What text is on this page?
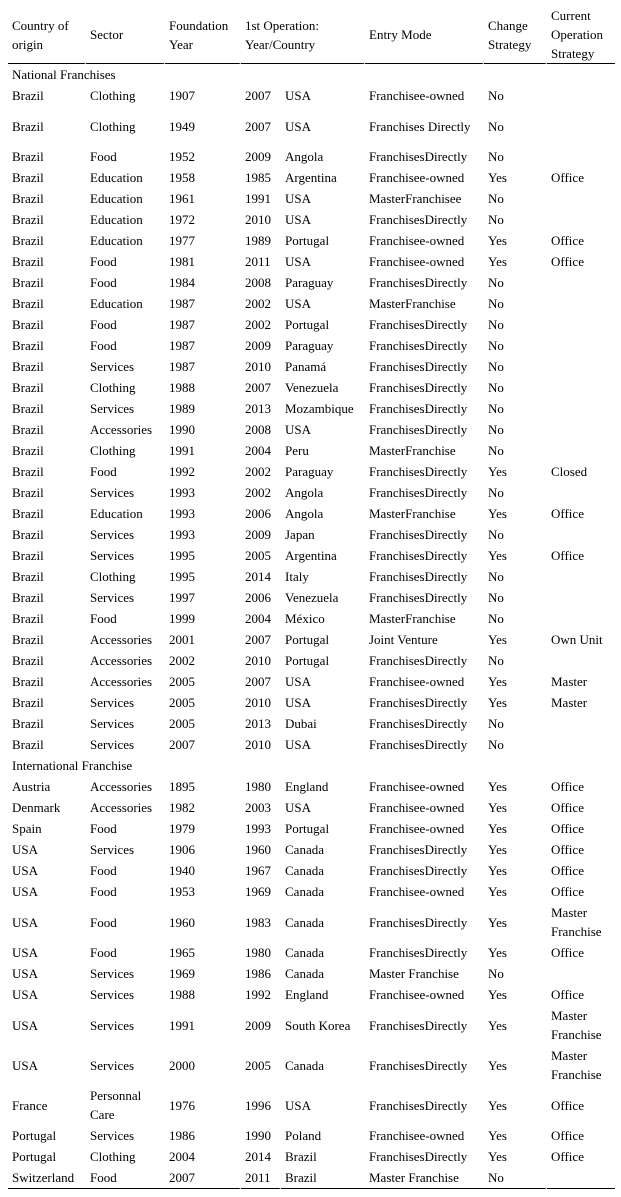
Country of origin	Sector	Foundation Year	1st Operation: Year/Country		Entry Mode	Change Strategy	Current Operation Strategy
National Franchises							
Brazil	Clothing	1907	2007	USA	Franchisee-owned	No	
Brazil	Clothing	1949	2007	USA	Franchises Directly	No	
Brazil	Food	1952	2009	Angola	FranchisesDirectly	No	
Brazil	Education	1958	1985	Argentina	Franchisee-owned	Yes	Office
Brazil	Education	1961	1991	USA	MasterFranchisee	No	
Brazil	Education	1972	2010	USA	FranchisesDirectly	No	
Brazil	Education	1977	1989	Portugal	Franchisee-owned	Yes	Office
Brazil	Food	1981	2011	USA	Franchisee-owned	Yes	Office
Brazil	Food	1984	2008	Paraguay	FranchisesDirectly	No	
Brazil	Education	1987	2002	USA	MasterFranchise	No	
Brazil	Food	1987	2002	Portugal	FranchisesDirectly	No	
Brazil	Food	1987	2009	Paraguay	FranchisesDirectly	No	
Brazil	Services	1987	2010	Panamá	FranchisesDirectly	No	
Brazil	Clothing	1988	2007	Venezuela	FranchisesDirectly	No	
Brazil	Services	1989	2013	Mozambique	FranchisesDirectly	No	
Brazil	Accessories	1990	2008	USA	FranchisesDirectly	No	
Brazil	Clothing	1991	2004	Peru	MasterFranchise	No	
Brazil	Food	1992	2002	Paraguay	FranchisesDirectly	Yes	Closed
Brazil	Services	1993	2002	Angola	FranchisesDirectly	No	
Brazil	Education	1993	2006	Angola	MasterFranchise	Yes	Office
Brazil	Services	1993	2009	Japan	FranchisesDirectly	No	
Brazil	Services	1995	2005	Argentina	FranchisesDirectly	Yes	Office
Brazil	Clothing	1995	2014	Italy	FranchisesDirectly	No	
Brazil	Services	1997	2006	Venezuela	FranchisesDirectly	No	
Brazil	Food	1999	2004	México	MasterFranchise	No	
Brazil	Accessories	2001	2007	Portugal	Joint Venture	Yes	Own Unit
Brazil	Accessories	2002	2010	Portugal	FranchisesDirectly	No	
Brazil	Accessories	2005	2007	USA	Franchisee-owned	Yes	Master
Brazil	Services	2005	2010	USA	FranchisesDirectly	Yes	Master
Brazil	Services	2005	2013	Dubai	FranchisesDirectly	No	
Brazil	Services	2007	2010	USA	FranchisesDirectly	No	
International Franchise							
Austria	Accessories	1895	1980	England	Franchisee-owned	Yes	Office
Denmark	Accessories	1982	2003	USA	Franchisee-owned	Yes	Office
Spain	Food	1979	1993	Portugal	Franchisee-owned	Yes	Office
USA	Services	1906	1960	Canada	FranchisesDirectly	Yes	Office
USA	Food	1940	1967	Canada	FranchisesDirectly	Yes	Office
USA	Food	1953	1969	Canada	Franchisee-owned	Yes	Office
USA	Food	1960	1983	Canada	FranchisesDirectly	Yes	Master Franchise
USA	Food	1965	1980	Canada	FranchisesDirectly	Yes	Office
USA	Services	1969	1986	Canada	Master Franchise	No	
USA	Services	1988	1992	England	Franchisee-owned	Yes	Office
USA	Services	1991	2009	South Korea	FranchisesDirectly	Yes	Master Franchise
USA	Services	2000	2005	Canada	FranchisesDirectly	Yes	Master Franchise
France	Personnal Care	1976	1996	USA	FranchisesDirectly	Yes	Office
Portugal	Services	1986	1990	Poland	Franchisee-owned	Yes	Office
Portugal	Clothing	2004	2014	Brazil	FranchisesDirectly	Yes	Office
Switzerland	Food	2007	2011	Brazil	Master Franchise	No	
